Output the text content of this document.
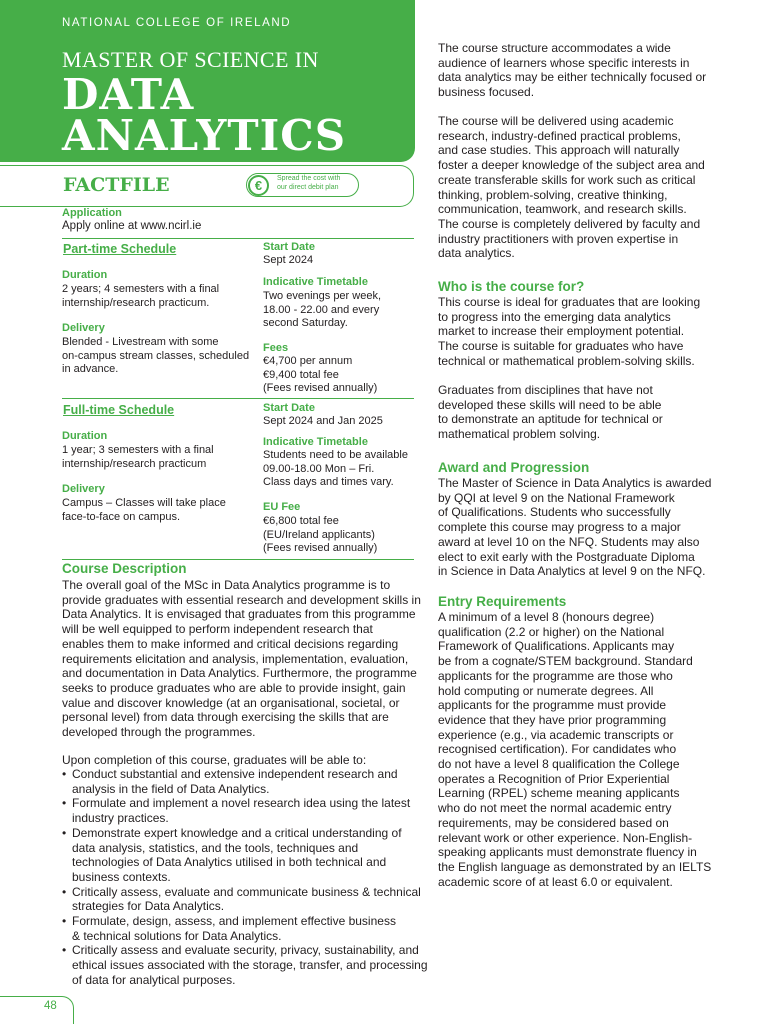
NATIONAL COLLEGE OF IRELAND
MASTER OF SCIENCE IN
DATA
ANALYTICS
FACTFILE	€	Spread the cost with
our direct debit plan
Application
Apply online at www.ncirl.ie
Part-time Schedule
Duration
2 years; 4 semesters with a final
internship/research practicum.
Delivery
Blended - Livestream with some
on-campus stream classes, scheduled
in advance.
Start Date
Sept 2024
Indicative Timetable
Two evenings per week,
18.00 - 22.00 and every
second Saturday.
Fees
€4,700 per annum
€9,400 total fee
(Fees revised annually)
Full-time Schedule
Duration
1 year; 3 semesters with a final
internship/research practicum
Delivery
Campus – Classes will take place
face-to-face on campus.
Start Date
Sept 2024 and Jan 2025
Indicative Timetable
Students need to be available
09.00-18.00 Mon – Fri.
Class days and times vary.
EU Fee
€6,800 total fee
(EU/Ireland applicants)
(Fees revised annually)
Course Description
The overall goal of the MSc in Data Analytics programme is to
provide graduates with essential research and development skills in
Data Analytics. It is envisaged that graduates from this programme
will be well equipped to perform independent research that
enables them to make informed and critical decisions regarding
requirements elicitation and analysis, implementation, evaluation,
and documentation in Data Analytics. Furthermore, the programme
seeks to produce graduates who are able to provide insight, gain
value and discover knowledge (at an organisational, societal, or
personal level) from data through exercising the skills that are
developed through the programmes.
Upon completion of this course, graduates will be able to:
• Conduct substantial and extensive independent research and
analysis in the field of Data Analytics.
• Formulate and implement a novel research idea using the latest
industry practices.
• Demonstrate expert knowledge and a critical understanding of
data analysis, statistics, and the tools, techniques and
technologies of Data Analytics utilised in both technical and
business contexts.
• Critically assess, evaluate and communicate business & technical
strategies for Data Analytics.
• Formulate, design, assess, and implement effective business
& technical solutions for Data Analytics.
• Critically assess and evaluate security, privacy, sustainability, and
ethical issues associated with the storage, transfer, and processing
of data for analytical purposes.
The course structure accommodates a wide
audience of learners whose specific interests in
data analytics may be either technically focused or
business focused.
The course will be delivered using academic
research, industry-defined practical problems,
and case studies. This approach will naturally
foster a deeper knowledge of the subject area and
create transferable skills for work such as critical
thinking, problem-solving, creative thinking,
communication, teamwork, and research skills.
The course is completely delivered by faculty and
industry practitioners with proven expertise in
data analytics.
Who is the course for?
This course is ideal for graduates that are looking
to progress into the emerging data analytics
market to increase their employment potential.
The course is suitable for graduates who have
technical or mathematical problem-solving skills.
Graduates from disciplines that have not
developed these skills will need to be able
to demonstrate an aptitude for technical or
mathematical problem solving.
Award and Progression
The Master of Science in Data Analytics is awarded
by QQI at level 9 on the National Framework
of Qualifications. Students who successfully
complete this course may progress to a major
award at level 10 on the NFQ. Students may also
elect to exit early with the Postgraduate Diploma
in Science in Data Analytics at level 9 on the NFQ.
Entry Requirements
A minimum of a level 8 (honours degree)
qualification (2.2 or higher) on the National
Framework of Qualifications. Applicants may
be from a cognate/STEM background. Standard
applicants for the programme are those who
hold computing or numerate degrees. All
applicants for the programme must provide
evidence that they have prior programming
experience (e.g., via academic transcripts or
recognised certification). For candidates who
do not have a level 8 qualification the College
operates a Recognition of Prior Experiential
Learning (RPEL) scheme meaning applicants
who do not meet the normal academic entry
requirements, may be considered based on
relevant work or other experience. Non-English-
speaking applicants must demonstrate fluency in
the English language as demonstrated by an IELTS
academic score of at least 6.0 or equivalent.
48
